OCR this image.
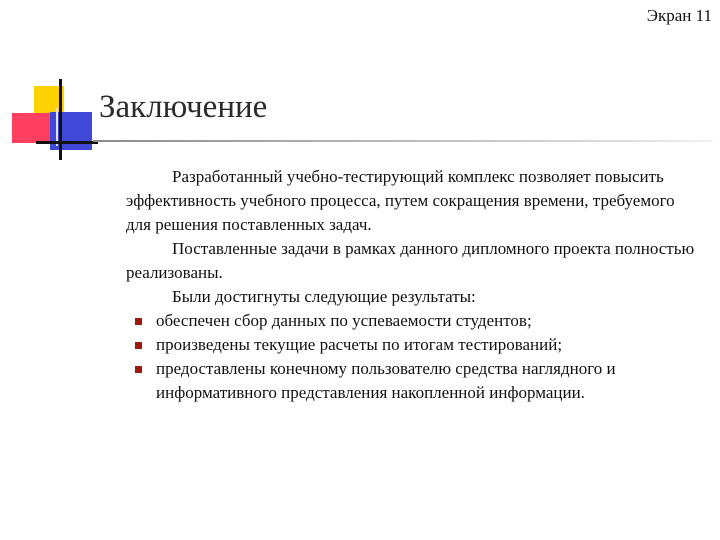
Экран 11
Заключение

Разработанный учебно-тестирующий комплекс позволяет повысить эффективность учебного процесса, путем сокращения времени, требуемого для решения поставленных задач.

Поставленные задачи в рамках данного дипломного проекта полностью реализованы.

Были достигнуты следующие результаты:

обеспечен сбор данных по успеваемости студентов;
произведены текущие расчеты по итогам тестирований;
предоставлены конечному пользователю средства наглядного и информативного представления накопленной информации.
